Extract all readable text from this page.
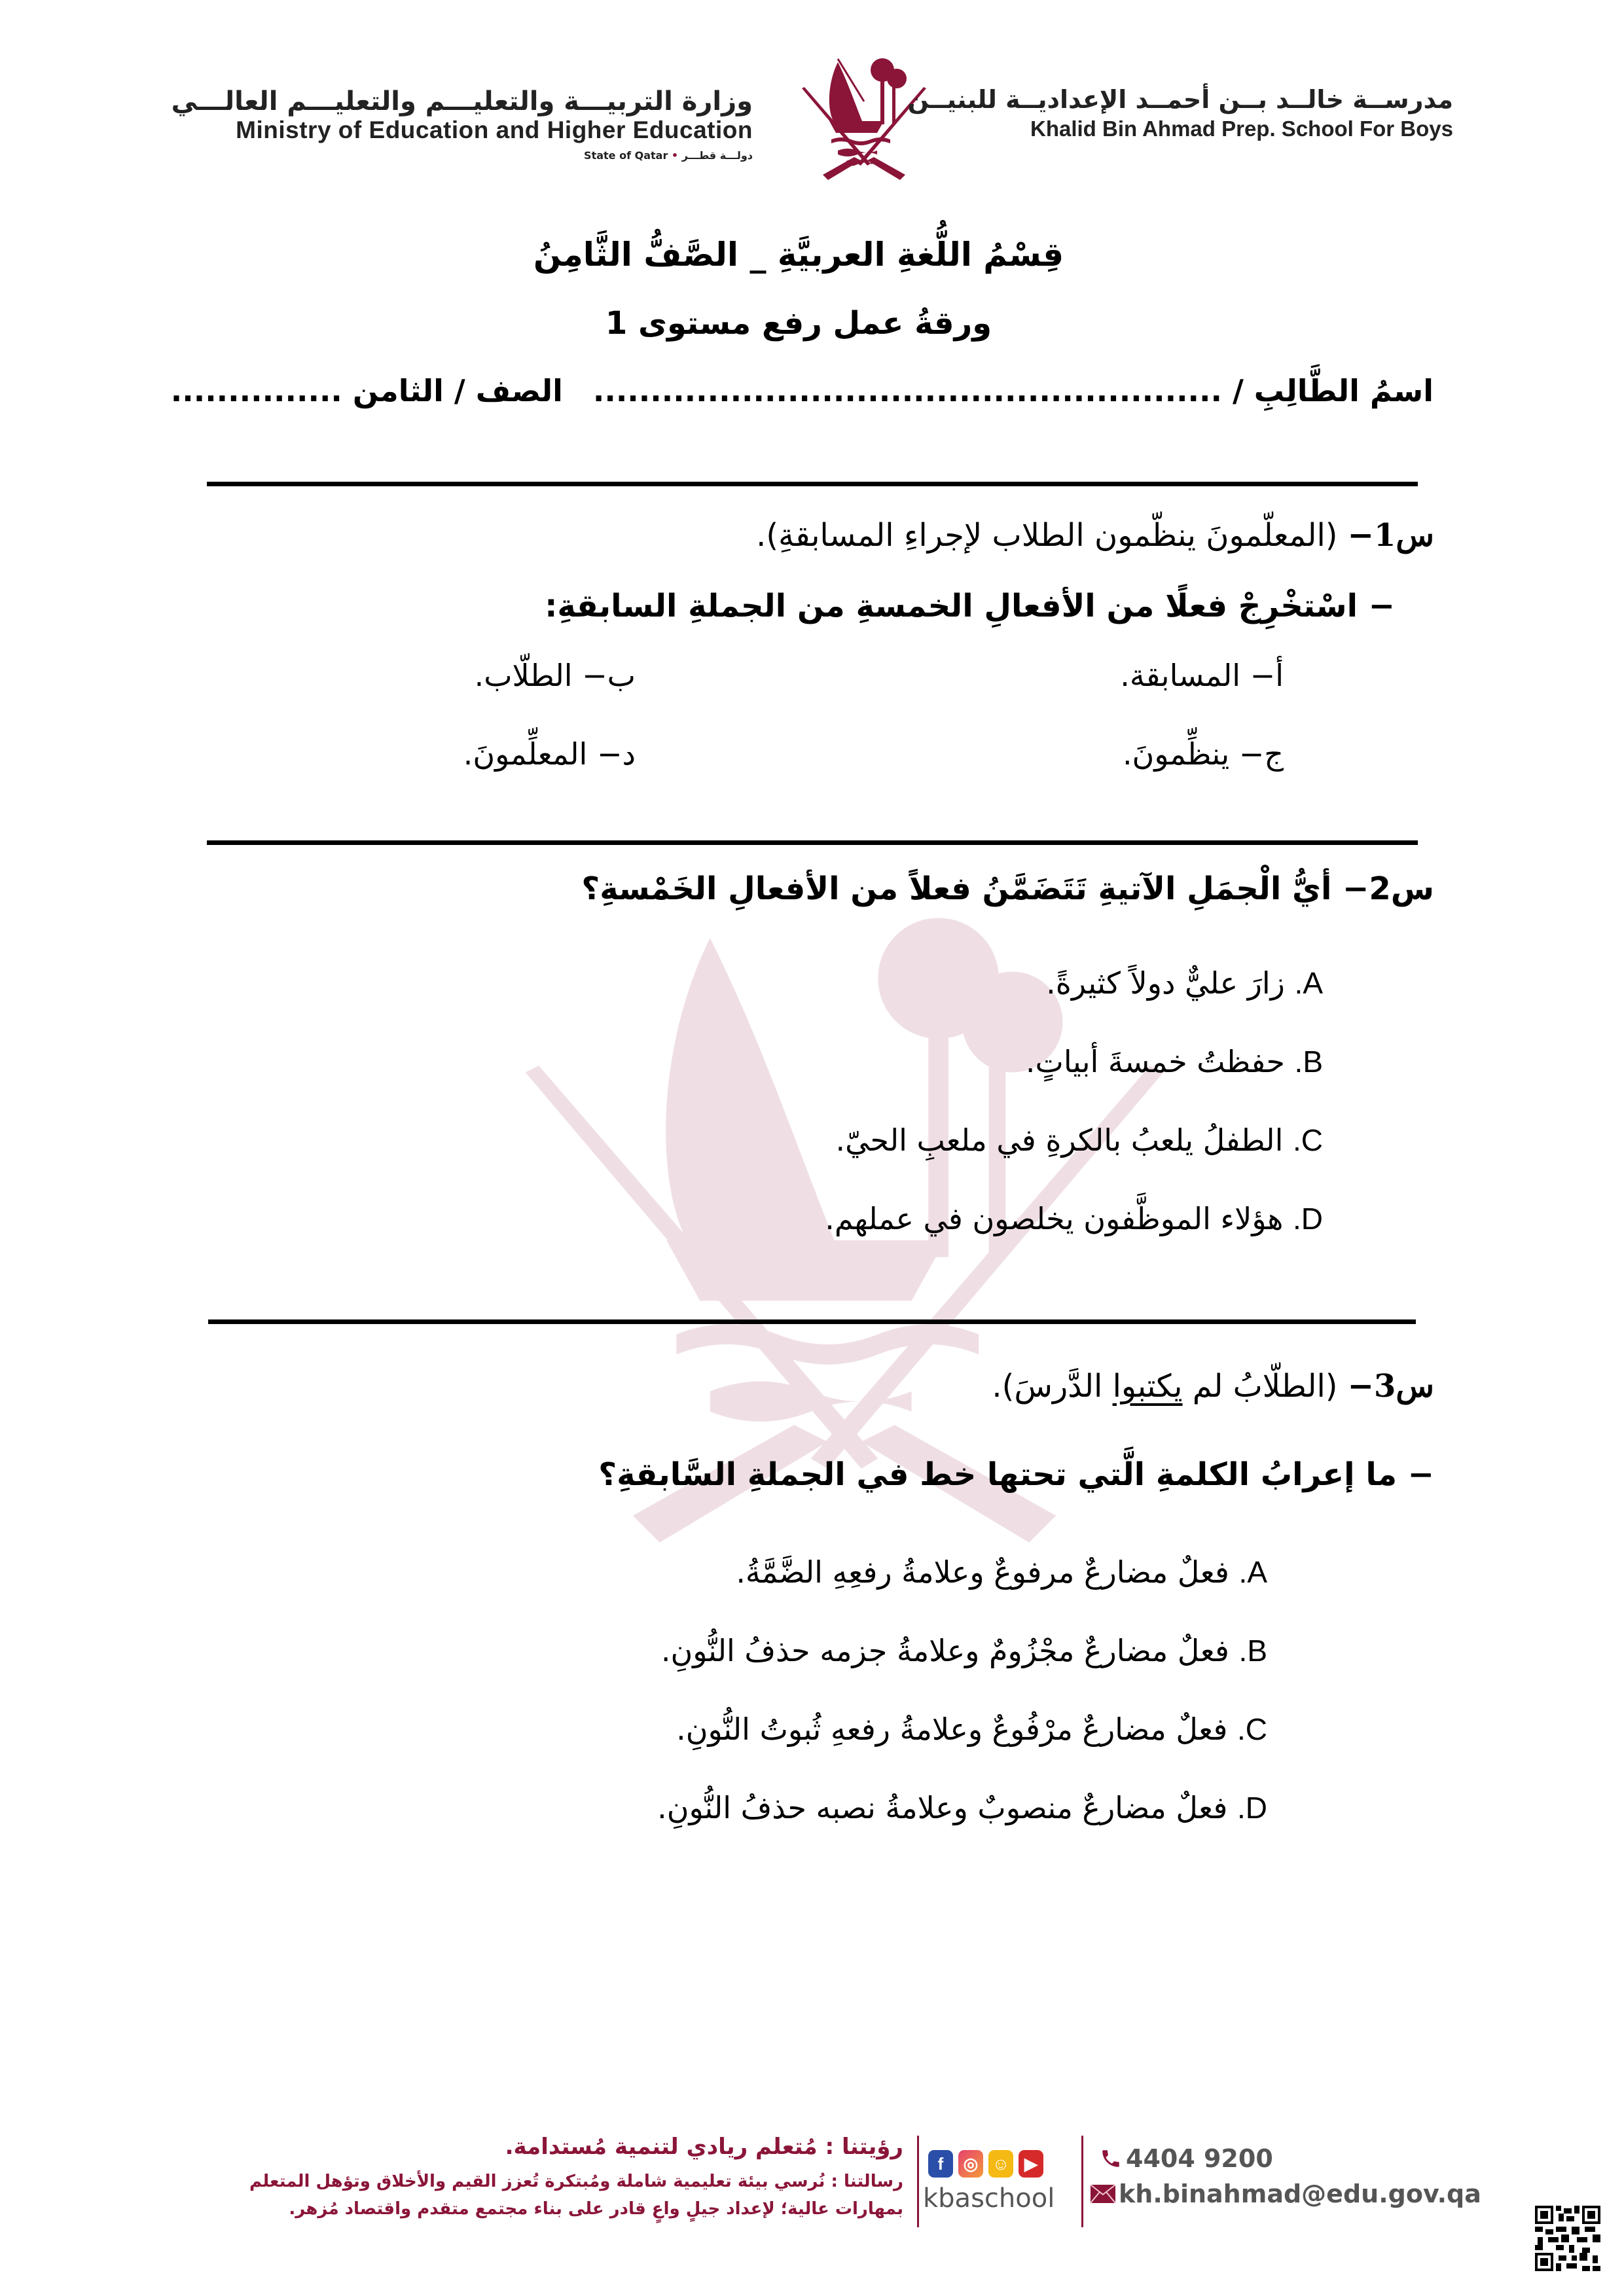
وزارة التربيـــة والتعليـــم والتعليـــم العالـــي
Ministry of Education and Higher Education
State of Qatar • دولـــة قطـــر
مدرســة خالــد بــن أحمــد الإعداديــة للبنيــن
Khalid Bin Ahmad Prep. School For Boys
قِسْمُ اللُّغةِ العربيَّةِ _ الصَّفُّ الثَّامِنُ
ورقةُ عمل رفع مستوى 1
اسمُ الطَّالِبِ / ....................................................... الصف / الثامن ...............
س1− (المعلّمونَ ينظّمون الطلاب لإجراءِ المسابقةِ).
− اسْتخْرِجْ فعلًا من الأفعالِ الخمسةِ من الجملةِ السابقةِ:
أ− المسابقة.
ب− الطلّاب.
ج− ينظِّمونَ.
د− المعلِّمونَ.
س2− أيُّ الْجمَلِ الآتيةِ تَتَضَمَّنُ فعلاً من الأفعالِ الخَمْسةِ؟
A. زارَ عليٌّ دولاً كثيرةً.
B. حفظتُ خمسةَ أبياتٍ.
C. الطفلُ يلعبُ بالكرةِ في ملعبِ الحيّ.
D. هؤلاء الموظَّفون يخلصون في عملهم.
س3− (الطلّابُ لم يكتبوا الدَّرسَ).
− ما إعرابُ الكلمةِ الَّتي تحتها خط في الجملةِ السَّابقةِ؟
A. فعلٌ مضارعٌ مرفوعٌ وعلامةُ رفعِهِ الضَّمَّةُ.
B. فعلٌ مضارعٌ مجْزُومٌ وعلامةُ جزمه حذفُ النُّونِ.
C. فعلٌ مضارعٌ مرْفُوعٌ وعلامةُ رفعهِ ثُبوتُ النُّونِ.
D. فعلٌ مضارعٌ منصوبٌ وعلامةُ نصبه حذفُ النُّونِ.
رؤيتنا : مُتعلم ريادي لتنمية مُستدامة.
رسالتنا : نُرسي بيئة تعليمية شاملة ومُبتكرة تُعزز القيم والأخلاق وتؤهل المتعلم
بمهارات عالية؛ لإعداد جيلٍ واعٍ قادر على بناء مجتمع متقدم واقتصاد مُزهر.
f	◎ ☺ ▶
kbaschool
4404 9200
kh.binahmad@edu.gov.qa
